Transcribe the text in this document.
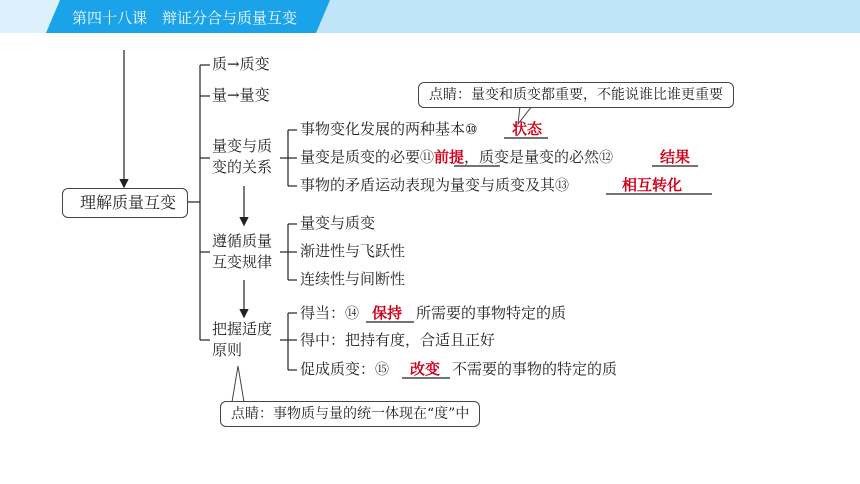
第四十八课　辩证分合与质量互变
理解质量互变
质→质变
量→量变
量变与质
变的关系
遵循质量
互变规律
把握适度
原则
事物变化发展的两种基本⑩ 状态
量变是质变的必要⑪前提，质变是量变的必然⑫	结果
事物的矛盾运动表现为量变与质变及其⑬	相互转化
量变与质变
渐进性与飞跃性
连续性与间断性
得当：⑭ 保持 所需要的事物特定的质
得中：把持有度，合适且正好
促成质变：⑮ 改变 不需要的事物的特定的质
点睛：量变和质变都重要，不能说谁比谁更重要
点睛：事物质与量的统一体现在“度”中
